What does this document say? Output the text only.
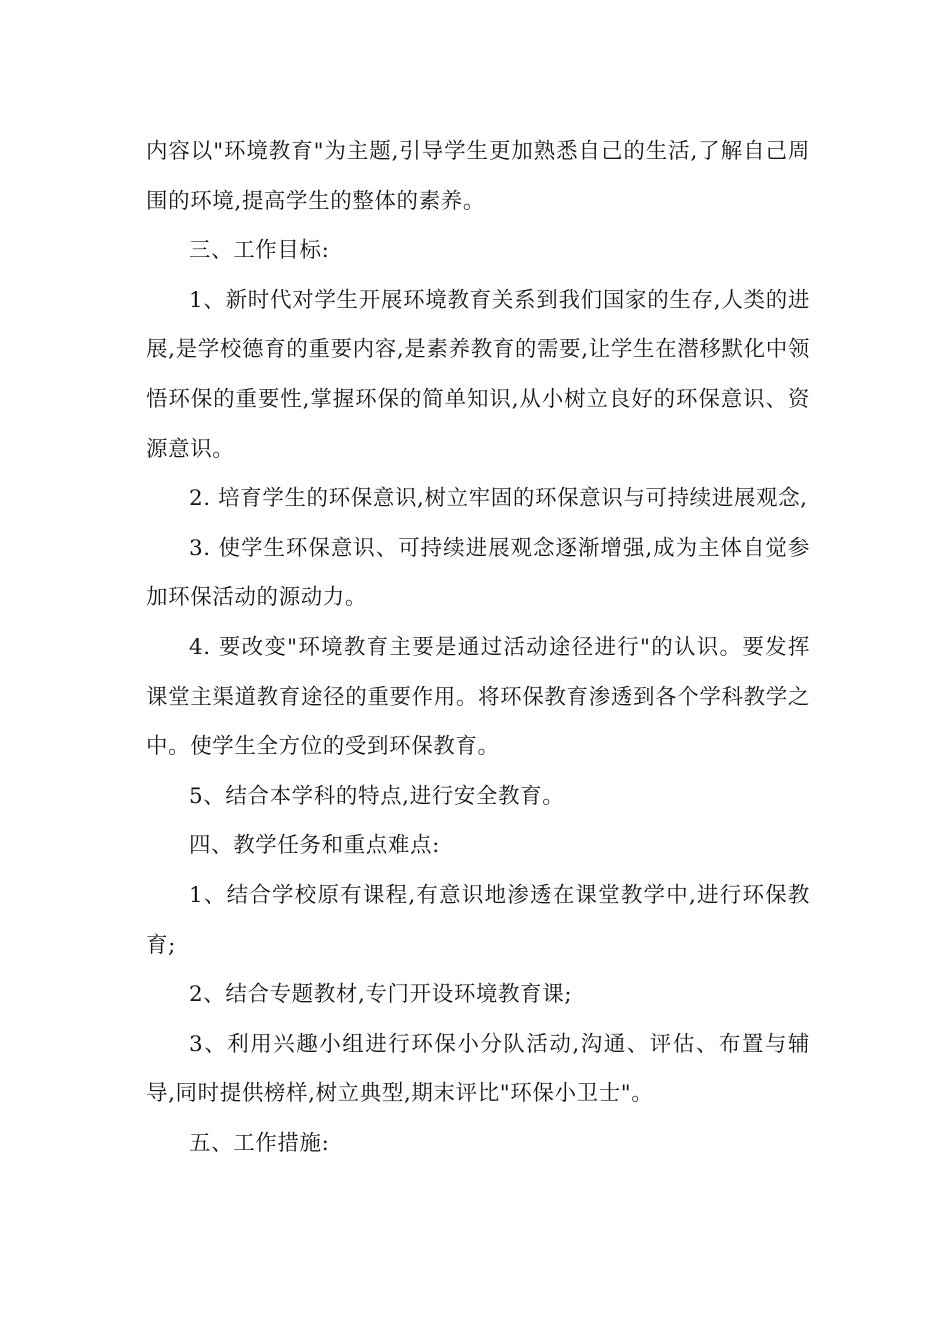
内容以"环境教育"为主题,引导学生更加熟悉自己的生活,了解自己周围的环境,提高学生的整体的素养。

三、工作目标:

1、新时代对学生开展环境教育关系到我们国家的生存,人类的进展,是学校德育的重要内容,是素养教育的需要,让学生在潜移默化中领悟环保的重要性,掌握环保的简单知识,从小树立良好的环保意识、资源意识。

2. 培育学生的环保意识,树立牢固的环保意识与可持续进展观念,

3. 使学生环保意识、可持续进展观念逐渐增强,成为主体自觉参加环保活动的源动力。

4. 要改变"环境教育主要是通过活动途径进行"的认识。要发挥课堂主渠道教育途径的重要作用。将环保教育渗透到各个学科教学之中。使学生全方位的受到环保教育。

5、结合本学科的特点,进行安全教育。

四、教学任务和重点难点:

1、结合学校原有课程,有意识地渗透在课堂教学中,进行环保教育;

2、结合专题教材,专门开设环境教育课;

3、利用兴趣小组进行环保小分队活动,沟通、评估、布置与辅导,同时提供榜样,树立典型,期末评比"环保小卫士"。

五、工作措施:
